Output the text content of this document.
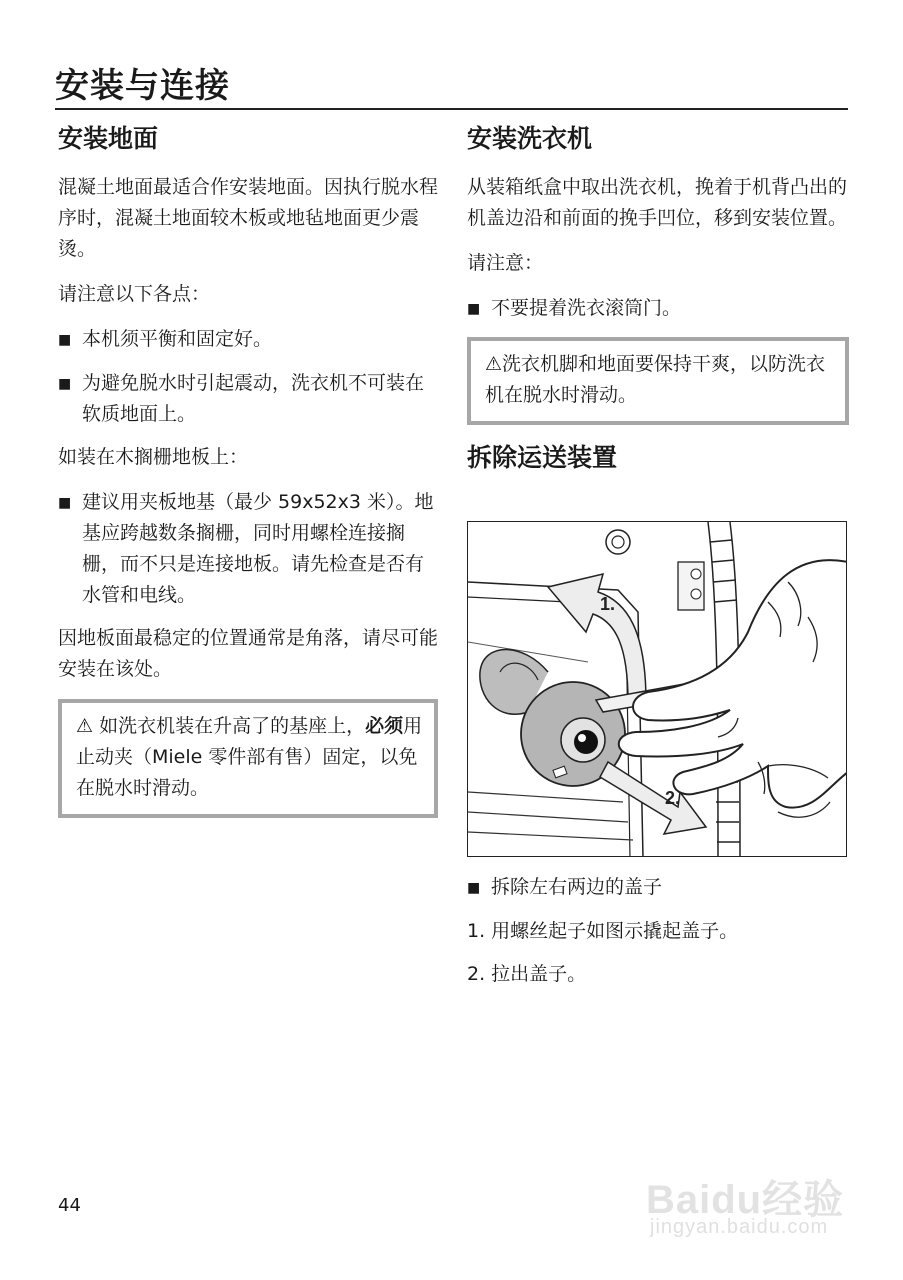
安装与连接
安装地面

混凝土地面最适合作安装地面。因执行脱水程序时，混凝土地面较木板或地毡地面更少震烫。

请注意以下各点：

■ 本机须平衡和固定好。
■ 为避免脱水时引起震动，洗衣机不可装在软质地面上。

如装在木搁栅地板上：

■ 建议用夹板地基（最少 59x52x3 米）。地基应跨越数条搁栅，同时用螺栓连接搁栅，而不只是连接地板。请先检查是否有水管和电线。

因地板面最稳定的位置通常是角落，请尽可能安装在该处。

⚠ 如洗衣机装在升高了的基座上，必须用止动夹（Miele 零件部有售）固定，以免在脱水时滑动。
安装洗衣机

从装箱纸盒中取出洗衣机，挽着于机背凸出的机盖边沿和前面的挽手凹位，移到安装位置。

请注意：

■ 不要提着洗衣滚筒门。
⚠洗衣机脚和地面要保持干爽，以防洗衣机在脱水时滑动。
拆除运送装置
1.
2.
■ 拆除左右两边的盖子
1. 用螺丝起子如图示撬起盖子。
2. 拉出盖子。
44	Baidu经验
jingyan.baidu.com
